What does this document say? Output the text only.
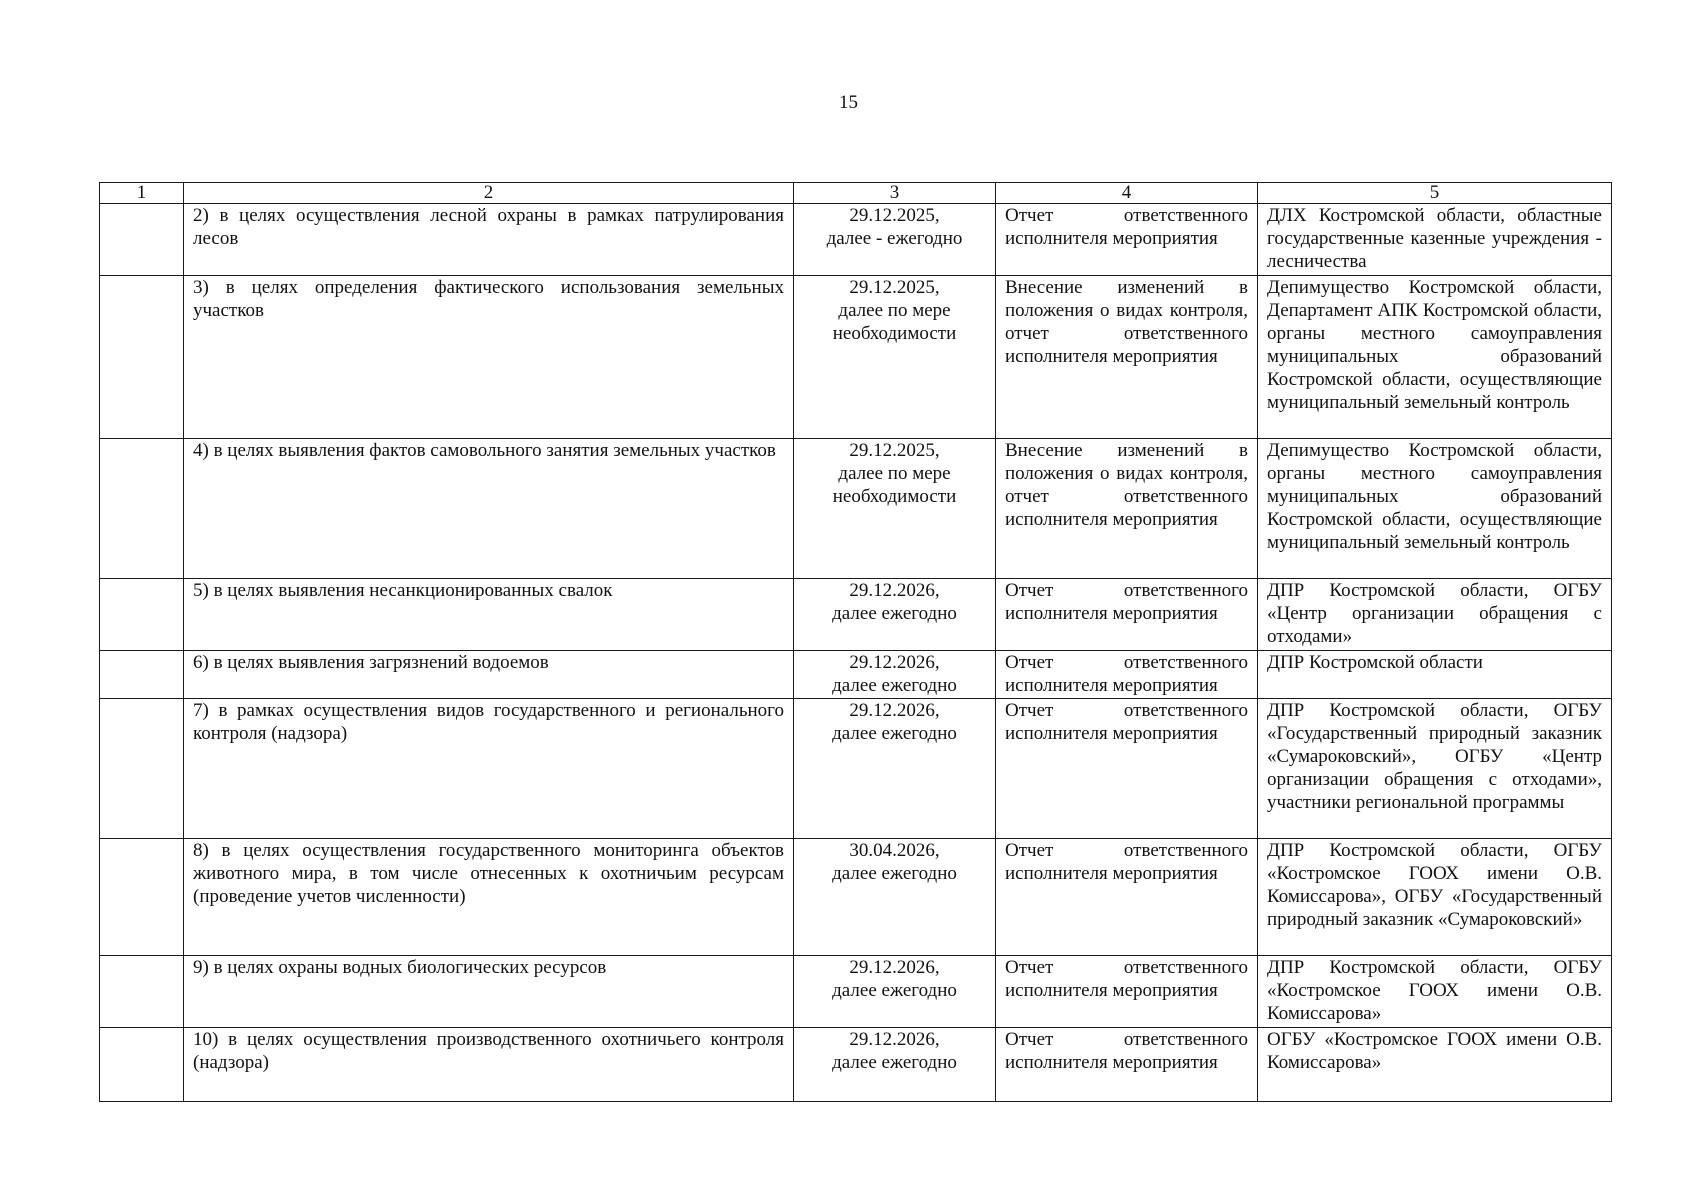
15
1	2	3	4	5
	2) в целях осуществления лесной охраны в рамках патрулирования лесов	29.12.2025,
далее - ежегодно	Отчет ответственного исполнителя мероприятия	ДЛХ Костромской области, областные государственные казенные учреждения - лесничества
	3) в целях определения фактического использования земельных участков	29.12.2025,
далее по мере
необходимости	Внесение изменений в положения о видах контроля, отчет ответственного исполнителя мероприятия	Депимущество Костромской области, Департамент АПК Костромской области, органы местного самоуправления муниципальных образований Костромской области, осуществляющие муниципальный земельный контроль
	4) в целях выявления фактов самовольного занятия земельных участков	29.12.2025,
далее по мере
необходимости	Внесение изменений в положения о видах контроля, отчет ответственного исполнителя мероприятия	Депимущество Костромской области, органы местного самоуправления муниципальных образований Костромской области, осуществляющие муниципальный земельный контроль
	5) в целях выявления несанкционированных свалок	29.12.2026,
далее ежегодно	Отчет ответственного исполнителя мероприятия	ДПР Костромской области, ОГБУ «Центр организации обращения с отходами»
	6) в целях выявления загрязнений водоемов	29.12.2026,
далее ежегодно	Отчет ответственного исполнителя мероприятия	ДПР Костромской области
	7) в рамках осуществления видов государственного и регионального контроля (надзора)	29.12.2026,
далее ежегодно	Отчет ответственного исполнителя мероприятия	ДПР Костромской области, ОГБУ «Государственный природный заказник «Сумароковский», ОГБУ «Центр организации обращения с отходами», участники региональной программы
	8) в целях осуществления государственного мониторинга объектов животного мира, в том числе отнесенных к охотничьим ресурсам (проведение учетов численности)	30.04.2026,
далее ежегодно	Отчет ответственного исполнителя мероприятия	ДПР Костромской области, ОГБУ «Костромское ГООХ имени О.В. Комиссарова», ОГБУ «Государственный природный заказник «Сумароковский»
	9) в целях охраны водных биологических ресурсов	29.12.2026,
далее ежегодно	Отчет ответственного исполнителя мероприятия	ДПР Костромской области, ОГБУ «Костромское ГООХ имени О.В. Комиссарова»
	10) в целях осуществления производственного охотничьего контроля (надзора)	29.12.2026,
далее ежегодно	Отчет ответственного исполнителя мероприятия	ОГБУ «Костромское ГООХ имени О.В. Комиссарова»
